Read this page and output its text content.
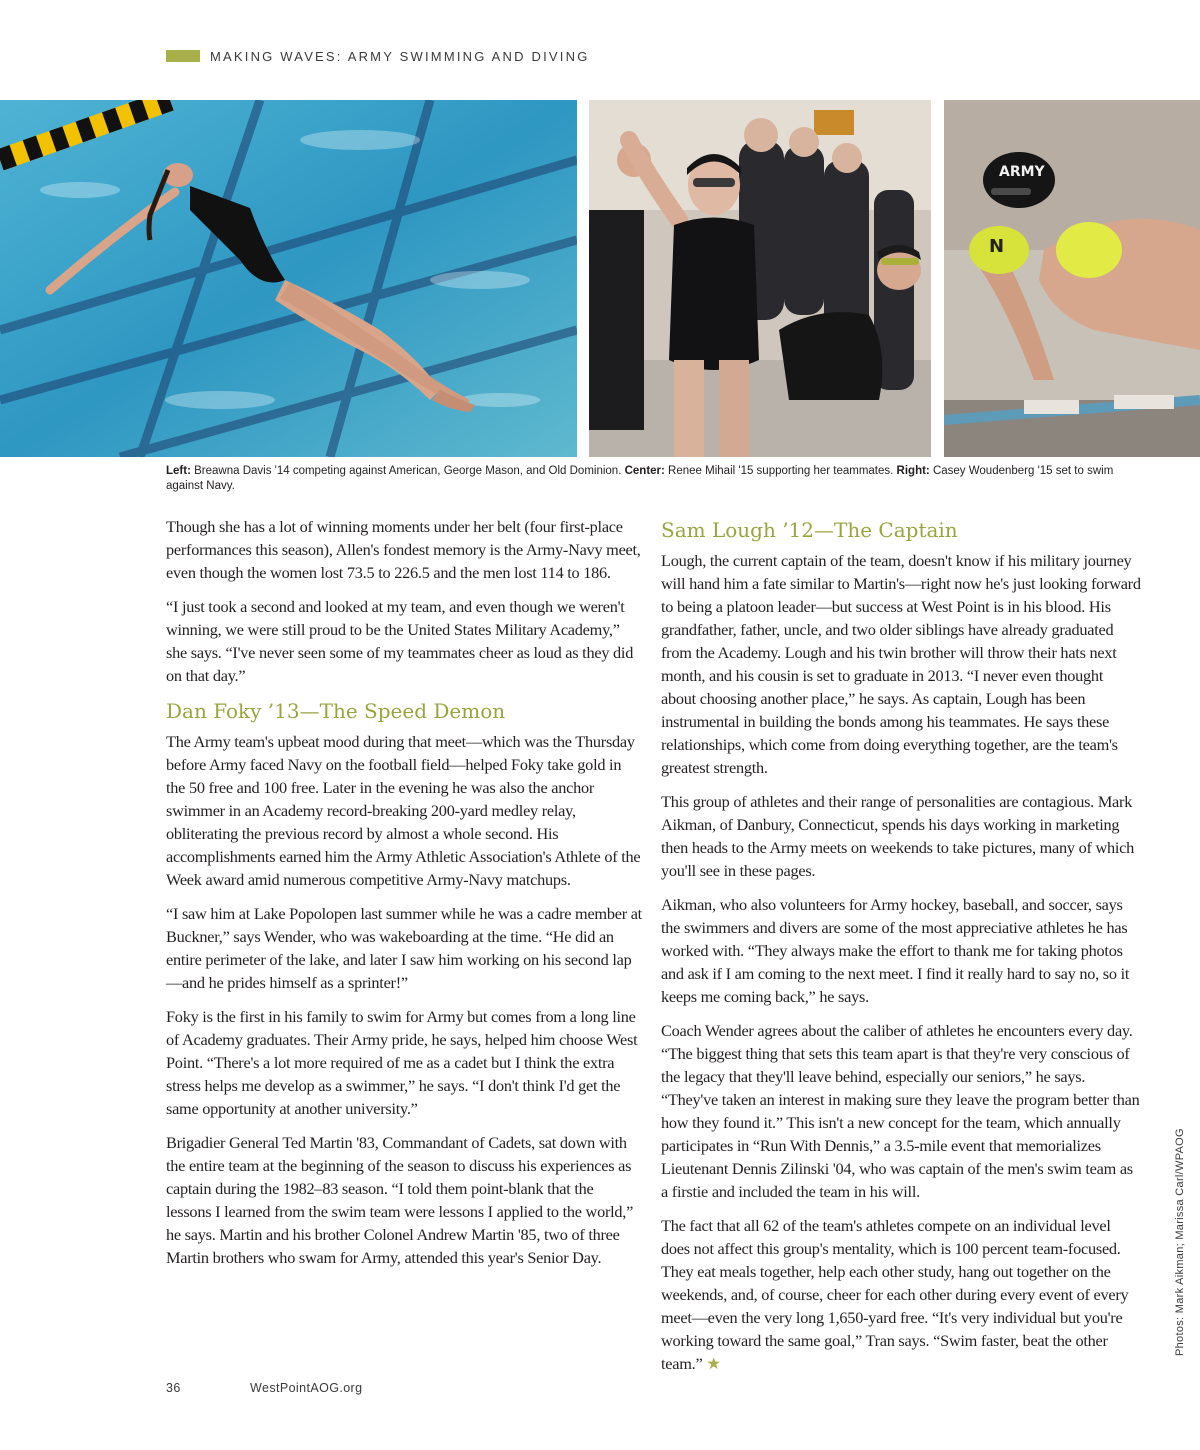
MAKING WAVES: ARMY SWIMMING AND DIVING
ARMY
N
Left: Breawna Davis '14 competing against American, George Mason, and Old Dominion. Center: Renee Mihail '15 supporting her teammates. Right: Casey Woudenberg '15 set to swim against Navy.

Though she has a lot of winning moments under her belt (four first-place performances this season), Allen's fondest memory is the Army-Navy meet, even though the women lost 73.5 to 226.5 and the men lost 114 to 186.

“I just took a second and looked at my team, and even though we weren't winning, we were still proud to be the United States Military Academy,” she says. “I've never seen some of my teammates cheer as loud as they did on that day.”

Dan Foky ’13—The Speed Demon

The Army team's upbeat mood during that meet—which was the Thursday before Army faced Navy on the football field—helped Foky take gold in the 50 free and 100 free. Later in the evening he was also the anchor swimmer in an Academy record-breaking 200-yard medley relay, obliterating the previous record by almost a whole second. His accomplishments earned him the Army Athletic Association's Athlete of the Week award amid numerous competitive Army-Navy matchups.

“I saw him at Lake Popolopen last summer while he was a cadre member at Buckner,” says Wender, who was wakeboarding at the time. “He did an entire perimeter of the lake, and later I saw him working on his second lap—and he prides himself as a sprinter!”

Foky is the first in his family to swim for Army but comes from a long line of Academy graduates. Their Army pride, he says, helped him choose West Point. “There's a lot more required of me as a cadet but I think the extra stress helps me develop as a swimmer,” he says. “I don't think I'd get the same opportunity at another university.”

Brigadier General Ted Martin '83, Commandant of Cadets, sat down with the entire team at the beginning of the season to discuss his experiences as captain during the 1982–83 season. “I told them point-blank that the lessons I learned from the swim team were lessons I applied to the world,” he says. Martin and his brother Colonel Andrew Martin '85, two of three Martin brothers who swam for Army, attended this year's Senior Day.

Sam Lough ’12—The Captain

Lough, the current captain of the team, doesn't know if his military journey will hand him a fate similar to Martin's—right now he's just looking forward to being a platoon leader—but success at West Point is in his blood. His grandfather, father, uncle, and two older siblings have already graduated from the Academy. Lough and his twin brother will throw their hats next month, and his cousin is set to graduate in 2013. “I never even thought about choosing another place,” he says. As captain, Lough has been instrumental in building the bonds among his teammates. He says these relationships, which come from doing everything together, are the team's greatest strength.

This group of athletes and their range of personalities are contagious. Mark Aikman, of Danbury, Connecticut, spends his days working in marketing then heads to the Army meets on weekends to take pictures, many of which you'll see in these pages.

Aikman, who also volunteers for Army hockey, baseball, and soccer, says the swimmers and divers are some of the most appreciative athletes he has worked with. “They always make the effort to thank me for taking photos and ask if I am coming to the next meet. I find it really hard to say no, so it keeps me coming back,” he says.

Coach Wender agrees about the caliber of athletes he encounters every day. “The biggest thing that sets this team apart is that they're very conscious of the legacy that they'll leave behind, especially our seniors,” he says. “They've taken an interest in making sure they leave the program better than how they found it.” This isn't a new concept for the team, which annually participates in “Run With Dennis,” a 3.5-mile event that memorializes Lieutenant Dennis Zilinski '04, who was captain of the men's swim team as a firstie and included the team in his will.

The fact that all 62 of the team's athletes compete on an individual level does not affect this group's mentality, which is 100 percent team-focused. They eat meals together, help each other study, hang out together on the weekends, and, of course, cheer for each other during every event of every meet—even the very long 1,650-yard free. “It's very individual but you're working toward the same goal,” Tran says. “Swim faster, beat the other team.” ★

36	WestPointAOG.org
Photos: Mark Aikman; Marissa Carl/WPAOG
